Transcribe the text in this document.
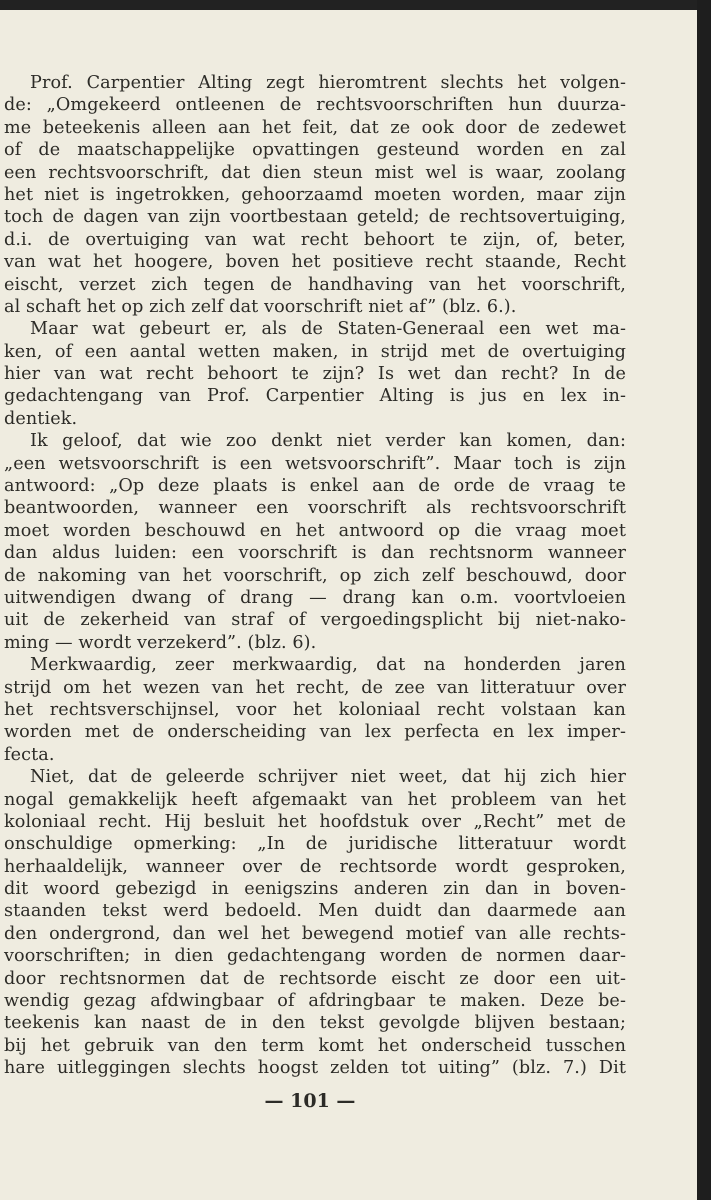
Prof. Carpentier Alting zegt hieromtrent slechts het volgen-
de: „Omgekeerd ontleenen de rechtsvoorschriften hun duurza-
me beteekenis alleen aan het feit, dat ze ook door de zedewet
of de maatschappelijke opvattingen gesteund worden en zal
een rechtsvoorschrift, dat dien steun mist wel is waar, zoolang
het niet is ingetrokken, gehoorzaamd moeten worden, maar zijn
toch de dagen van zijn voortbestaan geteld; de rechtsovertuiging,
d.i. de overtuiging van wat recht behoort te zijn, of, beter,
van wat het hoogere, boven het positieve recht staande, Recht
eischt, verzet zich tegen de handhaving van het voorschrift,
al schaft het op zich zelf dat voorschrift niet af” (blz. 6.).
Maar wat gebeurt er, als de Staten-Generaal een wet ma-
ken, of een aantal wetten maken, in strijd met de overtuiging
hier van wat recht behoort te zijn? Is wet dan recht? In de
gedachtengang van Prof. Carpentier Alting is jus en lex in-
dentiek.
Ik geloof, dat wie zoo denkt niet verder kan komen, dan:
„een wetsvoorschrift is een wetsvoorschrift”. Maar toch is zijn
antwoord: „Op deze plaats is enkel aan de orde de vraag te
beantwoorden, wanneer een voorschrift als rechtsvoorschrift
moet worden beschouwd en het antwoord op die vraag moet
dan aldus luiden: een voorschrift is dan rechtsnorm wanneer
de nakoming van het voorschrift, op zich zelf beschouwd, door
uitwendigen dwang of drang — drang kan o.m. voortvloeien
uit de zekerheid van straf of vergoedingsplicht bij niet-nako-
ming — wordt verzekerd”. (blz. 6).
Merkwaardig, zeer merkwaardig, dat na honderden jaren
strijd om het wezen van het recht, de zee van litteratuur over
het rechtsverschijnsel, voor het koloniaal recht volstaan kan
worden met de onderscheiding van lex perfecta en lex imper-
fecta.
Niet, dat de geleerde schrijver niet weet, dat hij zich hier
nogal gemakkelijk heeft afgemaakt van het probleem van het
koloniaal recht. Hij besluit het hoofdstuk over „Recht” met de
onschuldige opmerking: „In de juridische litteratuur wordt
herhaaldelijk, wanneer over de rechtsorde wordt gesproken,
dit woord gebezigd in eenigszins anderen zin dan in boven-
staanden tekst werd bedoeld. Men duidt dan daarmede aan
den ondergrond, dan wel het bewegend motief van alle rechts-
voorschriften; in dien gedachtengang worden de normen daar-
door rechtsnormen dat de rechtsorde eischt ze door een uit-
wendig gezag afdwingbaar of afdringbaar te maken. Deze be-
teekenis kan naast de in den tekst gevolgde blijven bestaan;
bij het gebruik van den term komt het onderscheid tusschen
hare uitleggingen slechts hoogst zelden tot uiting” (blz. 7.) Dit
— 101 —
